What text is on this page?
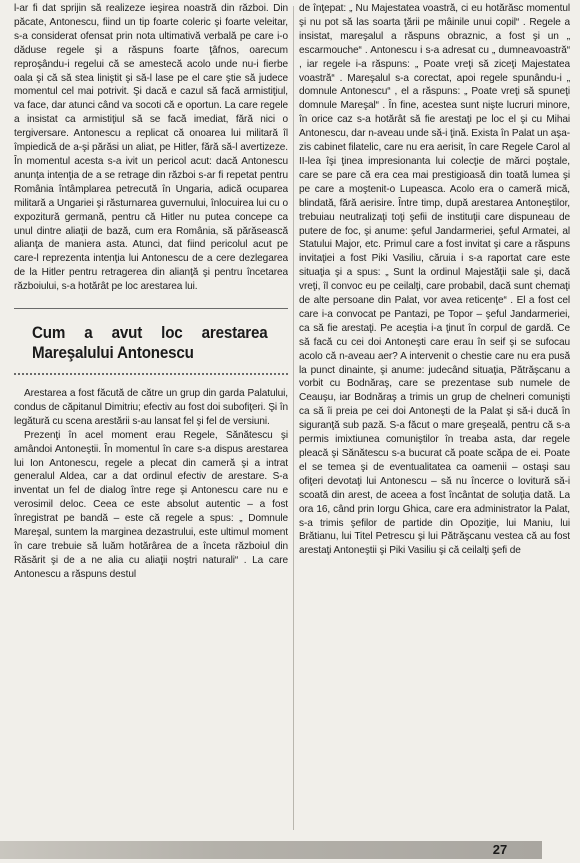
l-ar fi dat sprijin să realizeze ieşirea noastră din război. Din păcate, Antonescu, fiind un tip foarte coleric şi foarte veleitar, s-a considerat ofensat prin nota ultimativă verbală pe care i-o dăduse regele şi a răspuns foarte ţâfnos, oarecum reproşându-i regelui că se amestecă acolo unde nu-i fierbe oala şi că să stea liniştit şi să-l lase pe el care ştie să judece momentul cel mai potrivit. Şi dacă e cazul să facă armistiţiul, va face, dar atunci când va socoti că e oportun. La care regele a insistat ca armistiţiul să se facă imediat, fără nici o tergiversare. Antonescu a replicat că onoarea lui militară îl împiedică de a-şi părăsi un aliat, pe Hitler, fără să-l avertizeze. În momentul acesta s-a ivit un pericol acut: dacă Antonescu anunţa intenţia de a se retrage din război s-ar fi repetat pentru România întâmplarea petrecută în Ungaria, adică ocuparea militară a Ungariei şi răsturnarea guvernului, înlocuirea lui cu o expozitură germană, pentru că Hitler nu putea concepe ca unul dintre aliaţii de bază, cum era România, să părăsească alianţa de maniera asta. Atunci, dat fiind pericolul acut pe care-l reprezenta intenţia lui Antonescu de a cere dezlegarea de la Hitler pentru retragerea din alianţă şi pentru încetarea războiului, s-a hotărât pe loc arestarea lui.

Cum a avut loc arestarea Mareşalului Antonescu

Arestarea a fost făcută de către un grup din garda Palatului, condus de căpitanul Dimitriu; efectiv au fost doi subofiţeri. Şi în legătură cu scena arestării s-au lansat fel şi fel de versiuni.

Prezenţi în acel moment erau Regele, Sănătescu şi amândoi Antoneştii. În momentul în care s-a dispus arestarea lui Ion Antonescu, regele a plecat din cameră şi a intrat generalul Aldea, car a dat ordinul efectiv de arestare. S-a inventat un fel de dialog între rege şi Antonescu care nu e verosimil deloc. Ceea ce este absolut autentic – a fost înregistrat pe bandă – este că regele a spus: „ Domnule Mareşal, suntem la marginea dezastrului, este ultimul moment în care trebuie să luăm hotărârea de a înceta războiul din Răsărit şi de a ne alia cu aliaţii noştri naturali“ . La care Antonescu a răspuns destul

de înţepat: „ Nu Majestatea voastră, ci eu hotărăsc momentul şi nu pot să las soarta ţării pe mâinile unui copil“ . Regele a insistat, mareşalul a răspuns obraznic, a fost şi un „ escarmouche“ . Antonescu i s-a adresat cu „ dumneavoastră“ , iar regele i-a răspuns: „ Poate vreţi să ziceţi Majestatea voastră“ . Mareşalul s-a corectat, apoi regele spunându-i „ domnule Antonescu“ , el a răspuns: „ Poate vreţi să spuneţi domnule Mareşal“ . În fine, acestea sunt nişte lucruri minore, în orice caz s-a hotărât să fie arestaţi pe loc el şi cu Mihai Antonescu, dar n-aveau unde să-i ţină. Exista în Palat un aşa-zis cabinet filatelic, care nu era aerisit, în care Regele Carol al II-lea îşi ţinea impresionanta lui colecţie de mărci poştale, care se pare că era cea mai prestigioasă din toată lumea şi pe care a moştenit-o Lupeasca. Acolo era o cameră mică, blindată, fără aerisire. Între timp, după arestarea Antoneştilor, trebuiau neutralizaţi toţi şefii de instituţii care dispuneau de putere de foc, şi anume: şeful Jandarmeriei, şeful Armatei, al Statului Major, etc. Primul care a fost invitat şi care a răspuns invitaţiei a fost Piki Vasiliu, căruia i s-a raportat care este situaţia şi a spus: „ Sunt la ordinul Majestăţii sale şi, dacă vreţi, îl convoc eu pe ceilalţi, care probabil, dacă sunt chemaţi de alte persoane din Palat, vor avea reticenţe“ . El a fost cel care i-a convocat pe Pantazi, pe Topor – şeful Jandarmeriei, ca să fie arestaţi. Pe aceştia i-a ţinut în corpul de gardă. Ce să facă cu cei doi Antoneşti care erau în seif şi se sufocau acolo că n-aveau aer? A intervenit o chestie care nu era pusă la punct dinainte, şi anume: judecând situaţia, Pătrăşcanu a vorbit cu Bodnăraş, care se prezentase sub numele de Ceauşu, iar Bodnăraş a trimis un grup de chelneri comunişti ca să îi preia pe cei doi Antoneşti de la Palat şi să-i ducă în siguranţă sub pază. S-a făcut o mare greşeală, pentru că s-a permis imixtiunea comuniştilor în treaba asta, dar regele pleacă şi Sănătescu s-a bucurat că poate scăpa de ei. Poate el se temea şi de eventualitatea ca oamenii – ostaşi sau ofiţeri devotaţi lui Antonescu – să nu încerce o lovitură să-i scoată din arest, de aceea a fost încântat de soluţia dată. La ora 16, când prin Iorgu Ghica, care era administrator la Palat, s-a trimis şefilor de partide din Opoziţie, lui Maniu, lui Brătianu, lui Titel Petrescu şi lui Pătrăşcanu vestea că au fost arestaţi Antoneştii şi Piki Vasiliu şi că ceilalţi şefi de

27
